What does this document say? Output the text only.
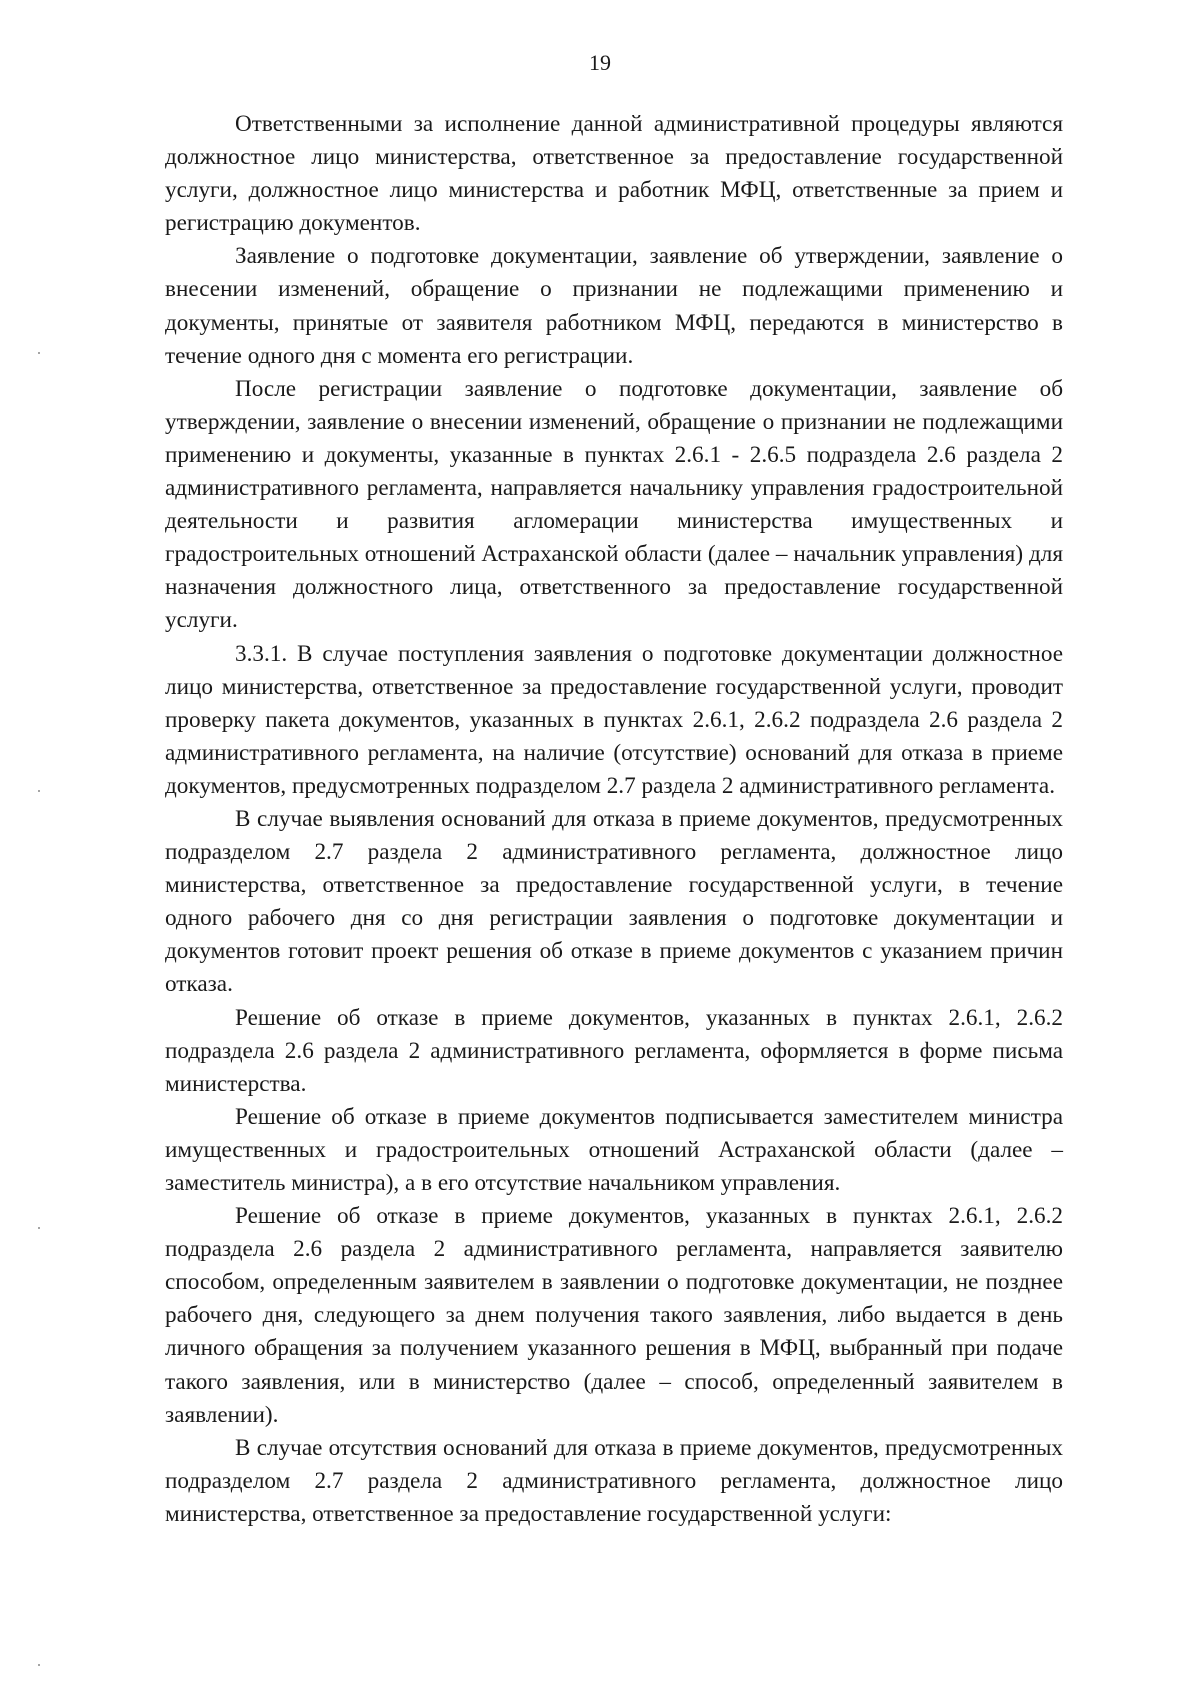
19

Ответственными за исполнение данной административной процедуры являются должностное лицо министерства, ответственное за предоставление государственной услуги, должностное лицо министерства и работник МФЦ, ответственные за прием и регистрацию документов.

Заявление о подготовке документации, заявление об утверждении, заявление о внесении изменений, обращение о признании не подлежащими применению и документы, принятые от заявителя работником МФЦ, передаются в министерство в течение одного дня с момента его регистрации.

После регистрации заявление о подготовке документации, заявление об утверждении, заявление о внесении изменений, обращение о признании не подлежащими применению и документы, указанные в пунктах 2.6.1 - 2.6.5 подраздела 2.6 раздела 2 административного регламента, направляется начальнику управления градостроительной деятельности и развития агломерации министерства имущественных и градостроительных отношений Астраханской области (далее – начальник управления) для назначения должностного лица, ответственного за предоставление государственной услуги.

3.3.1. В случае поступления заявления о подготовке документации должностное лицо министерства, ответственное за предоставление государственной услуги, проводит проверку пакета документов, указанных в пунктах 2.6.1, 2.6.2 подраздела 2.6 раздела 2 административного регламента, на наличие (отсутствие) оснований для отказа в приеме документов, предусмотренных подразделом 2.7 раздела 2 административного регламента.

В случае выявления оснований для отказа в приеме документов, предусмотренных подразделом 2.7 раздела 2 административного регламента, должностное лицо министерства, ответственное за предоставление государственной услуги, в течение одного рабочего дня со дня регистрации заявления о подготовке документации и документов готовит проект решения об отказе в приеме документов с указанием причин отказа.

Решение об отказе в приеме документов, указанных в пунктах 2.6.1, 2.6.2 подраздела 2.6 раздела 2 административного регламента, оформляется в форме письма министерства.

Решение об отказе в приеме документов подписывается заместителем министра имущественных и градостроительных отношений Астраханской области (далее – заместитель министра), а в его отсутствие начальником управления.

Решение об отказе в приеме документов, указанных в пунктах 2.6.1, 2.6.2 подраздела 2.6 раздела 2 административного регламента, направляется заявителю способом, определенным заявителем в заявлении о подготовке документации, не позднее рабочего дня, следующего за днем получения такого заявления, либо выдается в день личного обращения за получением указанного решения в МФЦ, выбранный при подаче такого заявления, или в министерство (далее – способ, определенный заявителем в заявлении).

В случае отсутствия оснований для отказа в приеме документов, предусмотренных подразделом 2.7 раздела 2 административного регламента, должностное лицо министерства, ответственное за предоставление государственной услуги:
